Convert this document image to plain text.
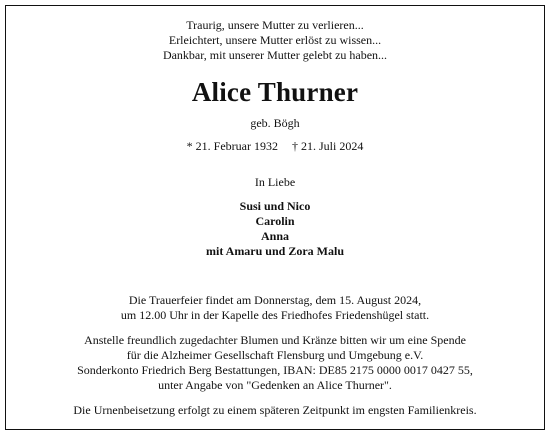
Traurig, unsere Mutter zu verlieren...
Erleichtert, unsere Mutter erlöst zu wissen...
Dankbar, mit unserer Mutter gelebt zu haben...
Alice Thurner
geb. Bögh
* 21. Februar 1932 † 21. Juli 2024
In Liebe
Susi und Nico
Carolin
Anna
mit Amaru und Zora Malu
Die Trauerfeier findet am Donnerstag, dem 15. August 2024,
um 12.00 Uhr in der Kapelle des Friedhofes Friedenshügel statt.
Anstelle freundlich zugedachter Blumen und Kränze bitten wir um eine Spende
für die Alzheimer Gesellschaft Flensburg und Umgebung e.V.
Sonderkonto Friedrich Berg Bestattungen, IBAN: DE85 2175 0000 0017 0427 55,
unter Angabe von "Gedenken an Alice Thurner".
Die Urnenbeisetzung erfolgt zu einem späteren Zeitpunkt im engsten Familienkreis.
